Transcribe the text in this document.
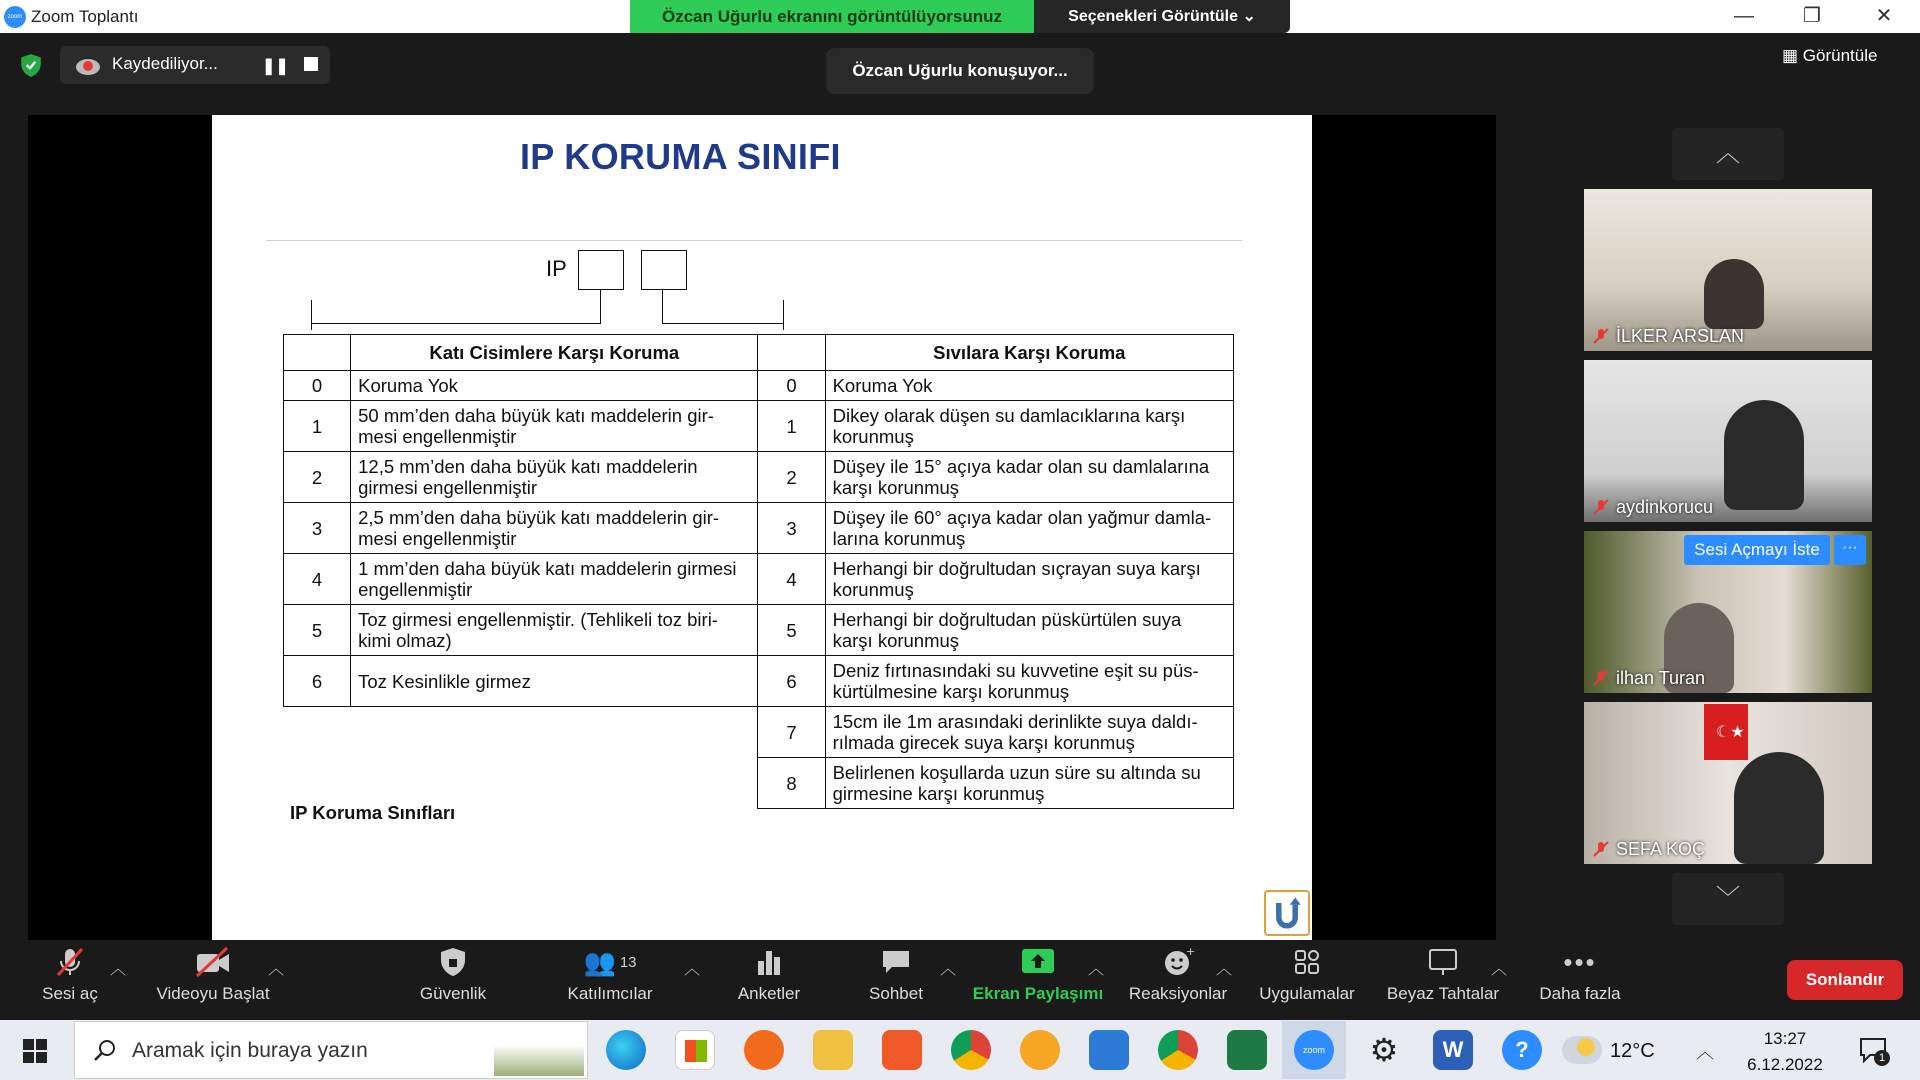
zoom Zoom Toplantı	—	❐	✕
Özcan Uğurlu ekranını görüntülüyorsunuz	Seçenekleri Görüntüle ⌄
Kaydediliyor...	❚❚	Özcan Uğurlu konuşuyor...
▦ Görüntüle
IP KORUMA SINIFI
IP
	Katı Cisimlere Karşı Koruma		Sıvılara Karşı Koruma
0	Koruma Yok	0	Koruma Yok
1	50 mm’den daha büyük katı maddelerin gir-mesi engellenmiştir	1	Dikey olarak düşen su damlacıklarına karşı korunmuş
2	12,5 mm’den daha büyük katı maddelerin girmesi engellenmiştir	2	Düşey ile 15° açıya kadar olan su damlalarına karşı korunmuş
3	2,5 mm’den daha büyük katı maddelerin gir-mesi engellenmiştir	3	Düşey ile 60° açıya kadar olan yağmur damla-larına korunmuş
4	1 mm’den daha büyük katı maddelerin girmesi engellenmiştir	4	Herhangi bir doğrultudan sıçrayan suya karşı korunmuş
5	Toz girmesi engellenmiştir. (Tehlikeli toz biri-kimi olmaz)	5	Herhangi bir doğrultudan püskürtülen suya karşı korunmuş
6	Toz Kesinlikle girmez	6	Deniz fırtınasındaki su kuvvetine eşit su püs-kürtülmesine karşı korunmuş
		7	15cm ile 1m arasındaki derinlikte suya daldı-rılmada girecek suya karşı korunmuş
		8	Belirlenen koşullarda uzun süre su altında su girmesine karşı korunmuş
IP Koruma Sınıfları
︿
﹀
İLKER ARSLAN
aydinkorucu
Sesi Açmayı İste	···
ilhan Turan
☾★
SEFA KOÇ
Sesi aç
︿
Videoyu Başlat
︿
Güvenlik
👥 13
Katılımcılar
︿
Anketler	Sohbet
︿
Ekran Paylaşımı
︿
+
Reaksiyonlar
︿
Uygulamalar	Beyaz Tahtalar
︿ •••
Daha fazla
Sonlandır
Aramak için buraya yazın	zoom ⚙	W	?	12°C ︿
13:27
6.12.2022	1
